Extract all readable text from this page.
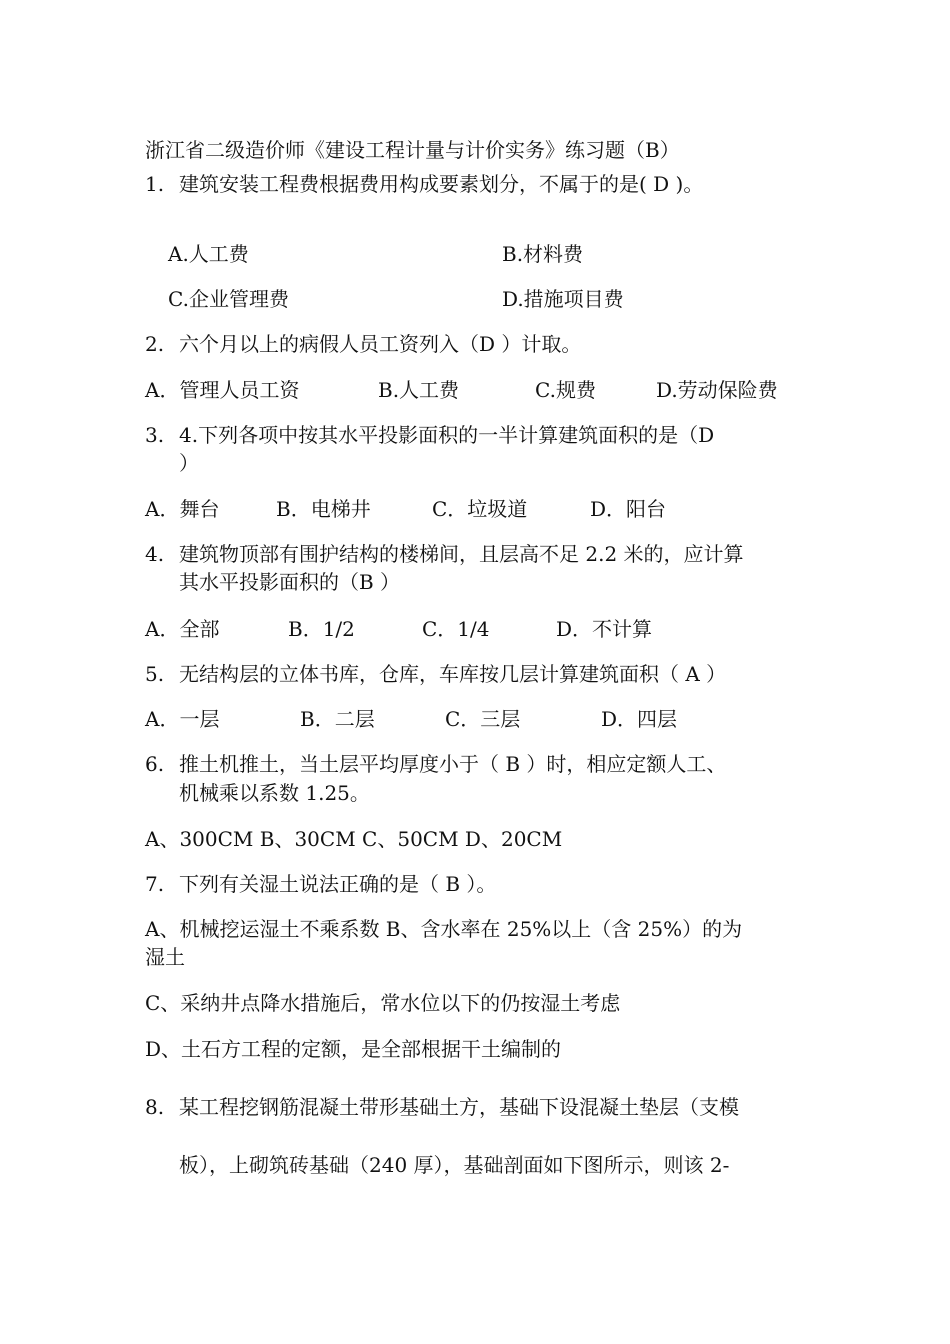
浙江省二级造价师《建设工程计量与计价实务》练习题（B）
1. 建筑安装工程费根据费用构成要素划分，不属于的是( D )。
A.人工费	B.材料费
C.企业管理费	D.措施项目费
2. 六个月以上的病假人员工资列入（D ）计取。
A．管理人员工资	B.人工费	C.规费	D.劳动保险费
3. 4.下列各项中按其水平投影面积的一半计算建筑面积的是（D
）
A．舞台	B．电梯井	C．垃圾道	D．阳台
4. 建筑物顶部有围护结构的楼梯间，且层高不足 2.2 米的，应计算
其水平投影面积的（B ）
A．全部	B．1/2	C．1/4	D．不计算
5. 无结构层的立体书库，仓库，车库按几层计算建筑面积（ A ）
A．一层	B．二层	C．三层	D．四层
6. 推土机推土，当土层平均厚度小于（ B ）时，相应定额人工、
机械乘以系数 1.25。
A、300CM B、30CM C、50CM D、20CM
7. 下列有关湿土说法正确的是（ B ）。
A、机械挖运湿土不乘系数 B、含水率在 25%以上（含 25%）的为
湿土
C、采纳井点降水措施后，常水位以下的仍按湿土考虑
D、土石方工程的定额，是全部根据干土编制的
8. 某工程挖钢筋混凝土带形基础土方，基础下设混凝土垫层（支模
板），上砌筑砖基础（240 厚），基础剖面如下图所示，则该 2-
